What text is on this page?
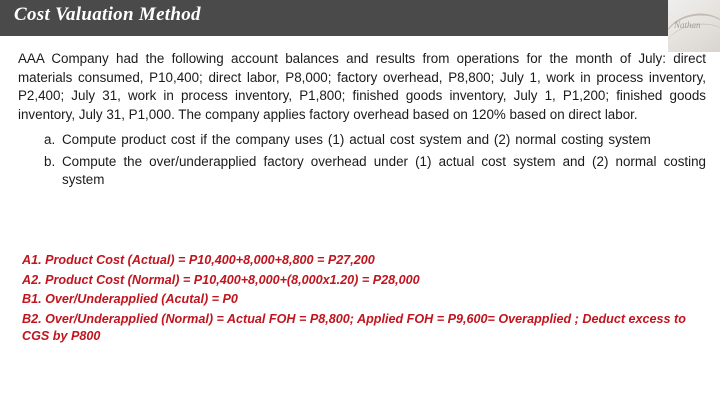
Cost Valuation Method	Nathan

AAA Company had the following account balances and results from operations for the month of July: direct materials consumed, P10,400; direct labor, P8,000; factory overhead, P8,800; July 1, work in process inventory, P2,400; July 31, work in process inventory, P1,800; finished goods inventory, July 1, P1,200; finished goods inventory, July 31, P1,000. The company applies factory overhead based on 120% based on direct labor.

a. Compute product cost if the company uses (1) actual cost system and (2) normal costing system
b. Compute the over/underapplied factory overhead under (1) actual cost system and (2) normal costing system

A1. Product Cost (Actual) = P10,400+8,000+8,800 = P27,200

A2. Product Cost (Normal) = P10,400+8,000+(8,000x1.20) = P28,000

B1. Over/Underapplied (Acutal) = P0

B2. Over/Underapplied (Normal) = Actual FOH = P8,800; Applied FOH = P9,600= Overapplied ; Deduct excess to CGS by P800
